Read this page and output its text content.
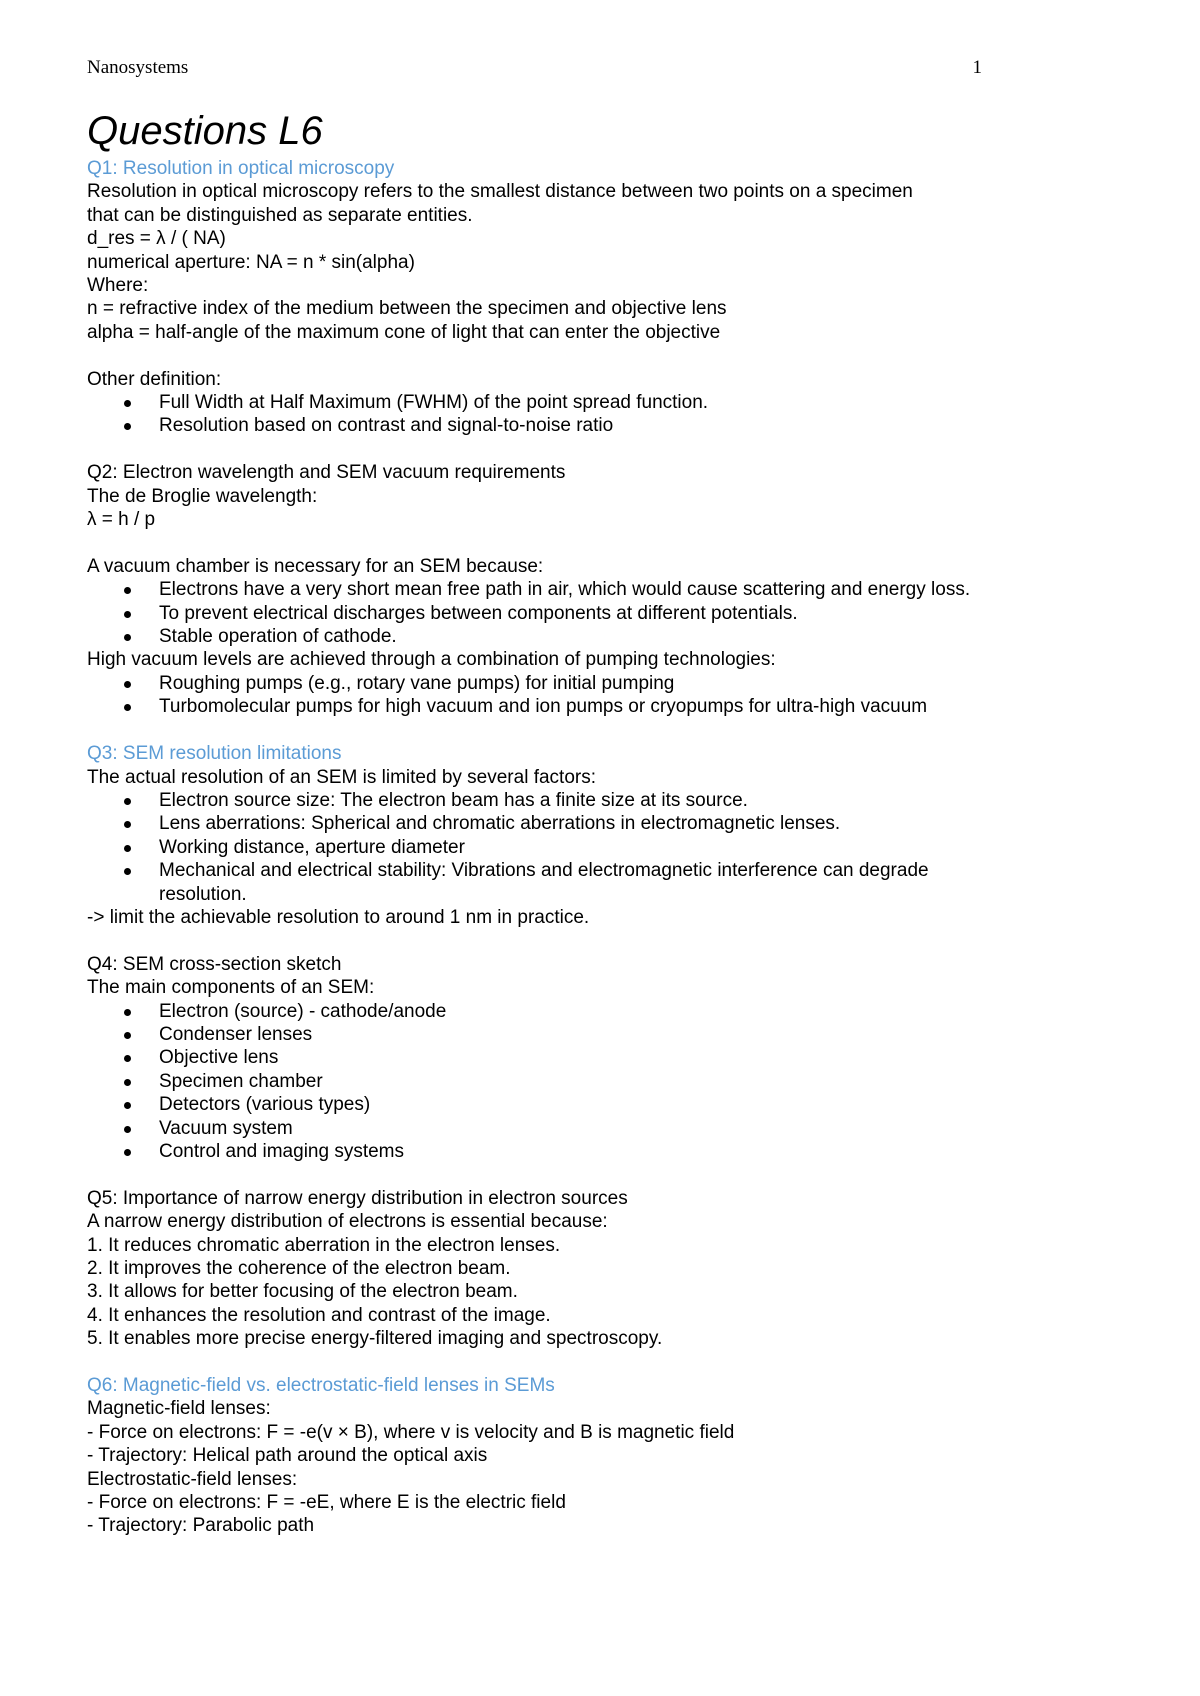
Nanosystems	1
Questions L6

Q1: Resolution in optical microscopy

Resolution in optical microscopy refers to the smallest distance between two points on a specimen

that can be distinguished as separate entities.

d_res = λ / ( NA)

numerical aperture: NA = n * sin(alpha)

Where:

n = refractive index of the medium between the specimen and objective lens

alpha = half-angle of the maximum cone of light that can enter the objective

Other definition:

Full Width at Half Maximum (FWHM) of the point spread function.
Resolution based on contrast and signal-to-noise ratio

Q2: Electron wavelength and SEM vacuum requirements

The de Broglie wavelength:

λ = h / p

A vacuum chamber is necessary for an SEM because:

Electrons have a very short mean free path in air, which would cause scattering and energy loss.
To prevent electrical discharges between components at different potentials.
Stable operation of cathode.

High vacuum levels are achieved through a combination of pumping technologies:

Roughing pumps (e.g., rotary vane pumps) for initial pumping
Turbomolecular pumps for high vacuum and ion pumps or cryopumps for ultra-high vacuum

Q3: SEM resolution limitations

The actual resolution of an SEM is limited by several factors:

Electron source size: The electron beam has a finite size at its source.
Lens aberrations: Spherical and chromatic aberrations in electromagnetic lenses.
Working distance, aperture diameter
Mechanical and electrical stability: Vibrations and electromagnetic interference can degrade resolution.

-> limit the achievable resolution to around 1 nm in practice.

Q4: SEM cross-section sketch

The main components of an SEM:

Electron (source) - cathode/anode
Condenser lenses
Objective lens
Specimen chamber
Detectors (various types)
Vacuum system
Control and imaging systems

Q5: Importance of narrow energy distribution in electron sources

A narrow energy distribution of electrons is essential because:

1. It reduces chromatic aberration in the electron lenses.

2. It improves the coherence of the electron beam.

3. It allows for better focusing of the electron beam.

4. It enhances the resolution and contrast of the image.

5. It enables more precise energy-filtered imaging and spectroscopy.

Q6: Magnetic-field vs. electrostatic-field lenses in SEMs

Magnetic-field lenses:

- Force on electrons: F = -e(v × B), where v is velocity and B is magnetic field

- Trajectory: Helical path around the optical axis

Electrostatic-field lenses:

- Force on electrons: F = -eE, where E is the electric field

- Trajectory: Parabolic path
